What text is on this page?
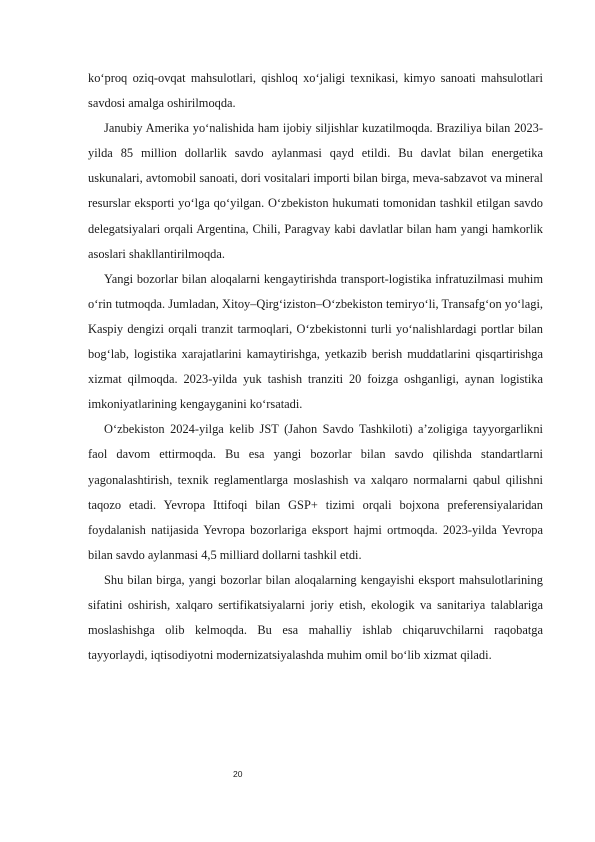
ko‘proq oziq-ovqat mahsulotlari, qishloq xo‘jaligi texnikasi, kimyo sanoati mahsulotlari savdosi amalga oshirilmoqda.

Janubiy Amerika yo‘nalishida ham ijobiy siljishlar kuzatilmoqda. Braziliya bilan 2023-yilda 85 million dollarlik savdo aylanmasi qayd etildi. Bu davlat bilan energetika uskunalari, avtomobil sanoati, dori vositalari importi bilan birga, meva-sabzavot va mineral resurslar eksporti yo‘lga qo‘yilgan. O‘zbekiston hukumati tomonidan tashkil etilgan savdo delegatsiyalari orqali Argentina, Chili, Paragvay kabi davlatlar bilan ham yangi hamkorlik asoslari shakllantirilmoqda.

Yangi bozorlar bilan aloqalarni kengaytirishda transport-logistika infratuzilmasi muhim o‘rin tutmoqda. Jumladan, Xitoy–Qirg‘iziston–O‘zbekiston temiryo‘li, Transafg‘on yo‘lagi, Kaspiy dengizi orqali tranzit tarmoqlari, O‘zbekistonni turli yo‘nalishlardagi portlar bilan bog‘lab, logistika xarajatlarini kamaytirishga, yetkazib berish muddatlarini qisqartirishga xizmat qilmoqda. 2023-yilda yuk tashish tranziti 20 foizga oshganligi, aynan logistika imkoniyatlarining kengayganini ko‘rsatadi.

O‘zbekiston 2024-yilga kelib JST (Jahon Savdo Tashkiloti) a’zoligiga tayyorgarlikni faol davom ettirmoqda. Bu esa yangi bozorlar bilan savdo qilishda standartlarni yagonalashtirish, texnik reglamentlarga moslashish va xalqaro normalarni qabul qilishni taqozo etadi. Yevropa Ittifoqi bilan GSP+ tizimi orqali bojxona preferensiyalaridan foydalanish natijasida Yevropa bozorlariga eksport hajmi ortmoqda. 2023-yilda Yevropa bilan savdo aylanmasi 4,5 milliard dollarni tashkil etdi.

Shu bilan birga, yangi bozorlar bilan aloqalarning kengayishi eksport mahsulotlarining sifatini oshirish, xalqaro sertifikatsiyalarni joriy etish, ekologik va sanitariya talablariga moslashishga olib kelmoqda. Bu esa mahalliy ishlab chiqaruvchilarni raqobatga tayyorlaydi, iqtisodiyotni modernizatsiyalashda muhim omil bo‘lib xizmat qiladi.

20
